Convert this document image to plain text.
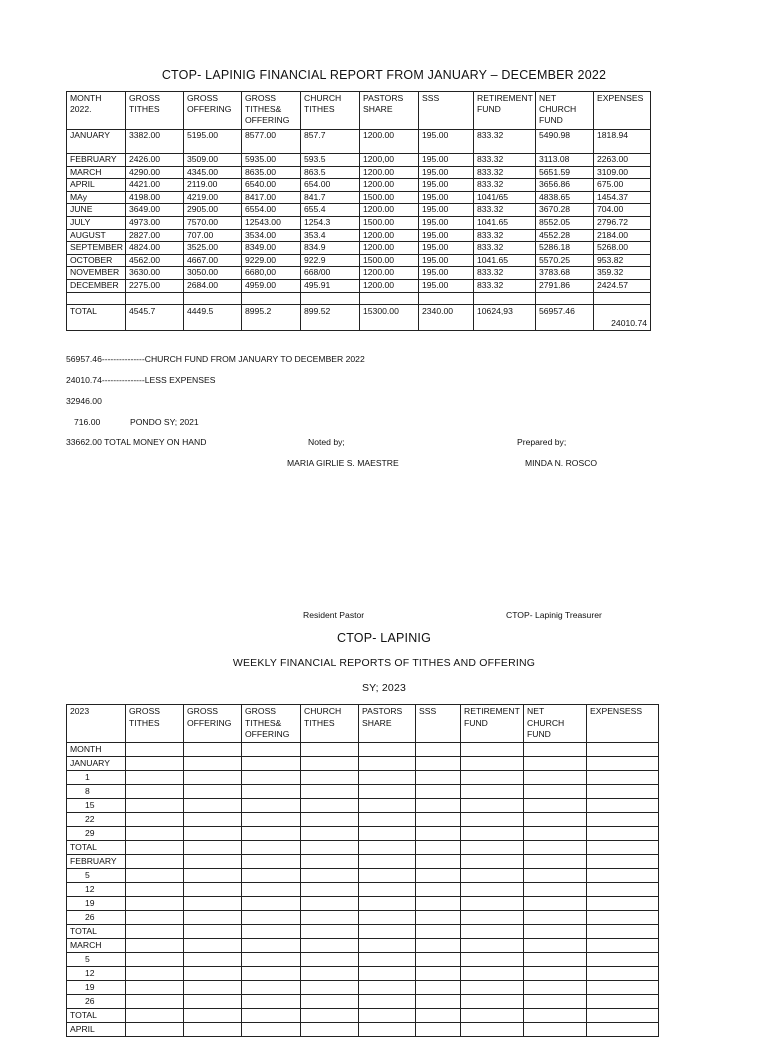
CTOP- LAPINIG FINANCIAL REPORT FROM JANUARY – DECEMBER 2022
MONTH 2022.	GROSS TITHES	GROSS OFFERING	GROSS TITHES& OFFERING	CHURCH TITHES	PASTORS SHARE	SSS	RETIREMENT FUND	NET CHURCH FUND	EXPENSES
JANUARY	3382.00	5195.00	8577.00	857.7	1200.00	195.00	833.32	5490.98	1818.94
FEBRUARY	2426.00	3509.00	5935.00	593.5	1200,00	195.00	833.32	3113.08	2263.00
MARCH	4290.00	4345.00	8635.00	863.5	1200.00	195.00	833.32	5651.59	3109.00
APRIL	4421.00	2119.00	6540.00	654.00	1200.00	195.00	833.32	3656.86	675.00
MAy	4198.00	4219.00	8417.00	841.7	1500.00	195.00	1041/65	4838.65	1454.37
JUNE	3649.00	2905.00	6554.00	655.4	1200.00	195.00	833.32	3670.28	704.00
JULY	4973.00	7570.00	12543.00	1254.3	1500.00	195.00	1041.65	8552.05	2796.72
AUGUST	2827.00	707.00	3534.00	353.4	1200.00	195.00	833.32	4552.28	2184.00
SEPTEMBER	4824.00	3525.00	8349.00	834.9	1200.00	195.00	833.32	5286.18	5268.00
OCTOBER	4562.00	4667.00	9229.00	922.9	1500.00	195.00	1041.65	5570.25	953.82
NOVEMBER	3630.00	3050.00	6680,00	668/00	1200.00	195.00	833.32	3783.68	359.32
DECEMBER	2275.00	2684.00	4959.00	495.91	1200.00	195.00	833.32	2791.86	2424.57

TOTAL	4545.7	4449.5	8995.2	899.52	15300.00	2340.00	10624,93	56957.46	24010.74
56957.46---------------CHURCH FUND FROM JANUARY TO DECEMBER 2022
24010.74---------------LESS EXPENSES
32946.00
716.00	PONDO SY; 2021
33662.00 TOTAL MONEY ON HAND	Noted by;
MARIA GIRLIE S. MAESTRE
Prepared by;
MINDA N. ROSCO
Resident Pastor	CTOP- Lapinig Treasurer
CTOP- LAPINIG
WEEKLY FINANCIAL REPORTS OF TITHES AND OFFERING
SY; 2023
2023	GROSS TITHES	GROSS OFFERING	GROSS TITHES& OFFERING	CHURCH TITHES	PASTORS SHARE	SSS	RETIREMENT FUND	NET CHURCH FUND	EXPENSESS
MONTH									
JANUARY									
1									
8									
15									
22									
29									
TOTAL									
FEBRUARY									
5									
12									
19									
26									
TOTAL									
MARCH									
5									
12									
19									
26									
TOTAL									
APRIL									
